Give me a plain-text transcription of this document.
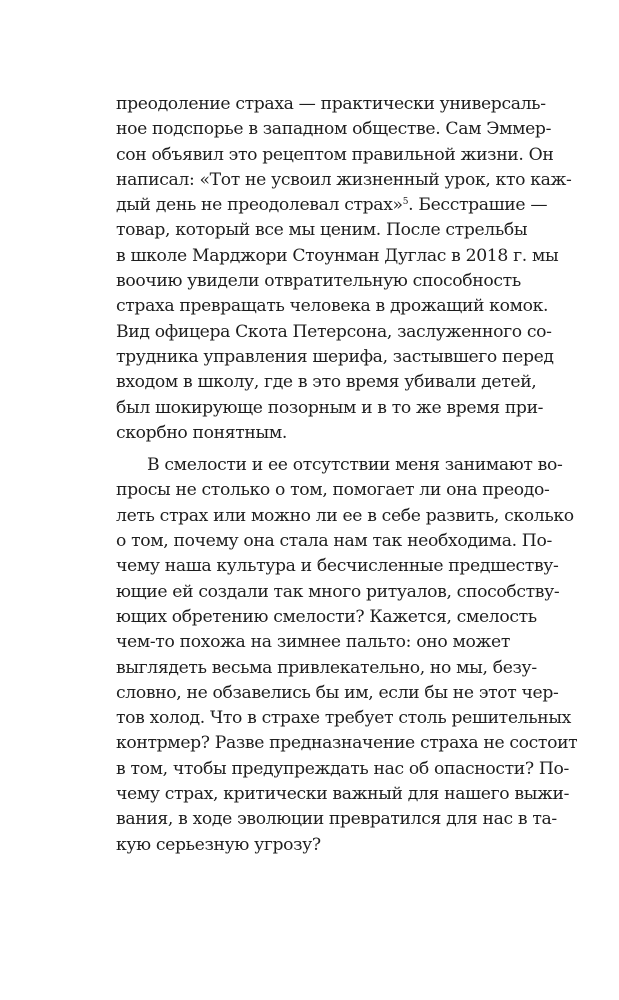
преодоление страха — практически универсаль-
ное подспорье в западном обществе. Сам Эммер-
сон объявил это рецептом правильной жизни. Он
написал: «Тот не усвоил жизненный урок, кто каж-
дый день не преодолевал страх»$^5$. Бесстрашие —
товар, который все мы ценим. После стрельбы
в школе Марджори Стоунман Дуглас в 2018 г. мы
воочию увидели отвратительную способность
страха превращать человека в дрожащий комок.
Вид офицера Скота Петерсона, заслуженного со-
трудника управления шерифа, застывшего перед
входом в школу, где в это время убивали детей,
был шокирующе позорным и в то же время при-
скорбно понятным.
В смелости и ее отсутствии меня занимают во-
просы не столько о том, помогает ли она преодо-
леть страх или можно ли ее в себе развить, сколько
о том, почему она стала нам так необходима. По-
чему наша культура и бесчисленные предшеству-
ющие ей создали так много ритуалов, способству-
ющих обретению смелости? Кажется, смелость
чем-то похожа на зимнее пальто: оно может
выглядеть весьма привлекательно, но мы, безу-
словно, не обзавелись бы им, если бы не этот чер-
тов холод. Что в страхе требует столь решительных
контрмер? Разве предназначение страха не состоит
в том, чтобы предупреждать нас об опасности? По-
чему страх, критически важный для нашего выжи-
вания, в ходе эволюции превратился для нас в та-
кую серьезную угрозу?
